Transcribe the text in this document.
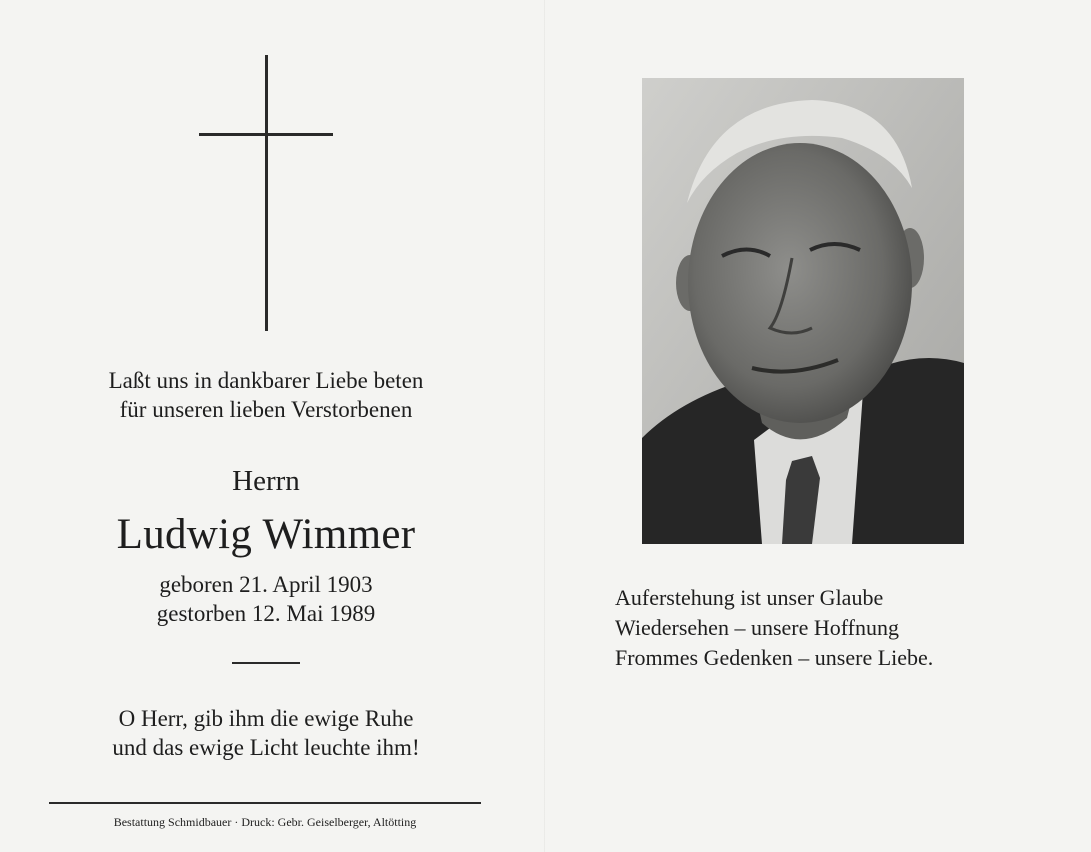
Laßt uns in dankbarer Liebe beten
für unseren lieben Verstorbenen
Herrn
Ludwig Wimmer
geboren 21. April 1903
gestorben 12. Mai 1989
O Herr, gib ihm die ewige Ruhe
und das ewige Licht leuchte ihm!
Bestattung Schmidbauer · Druck: Gebr. Geiselberger, Altötting
Auferstehung ist unser Glaube
Wiedersehen – unsere Hoffnung
Frommes Gedenken – unsere Liebe.
